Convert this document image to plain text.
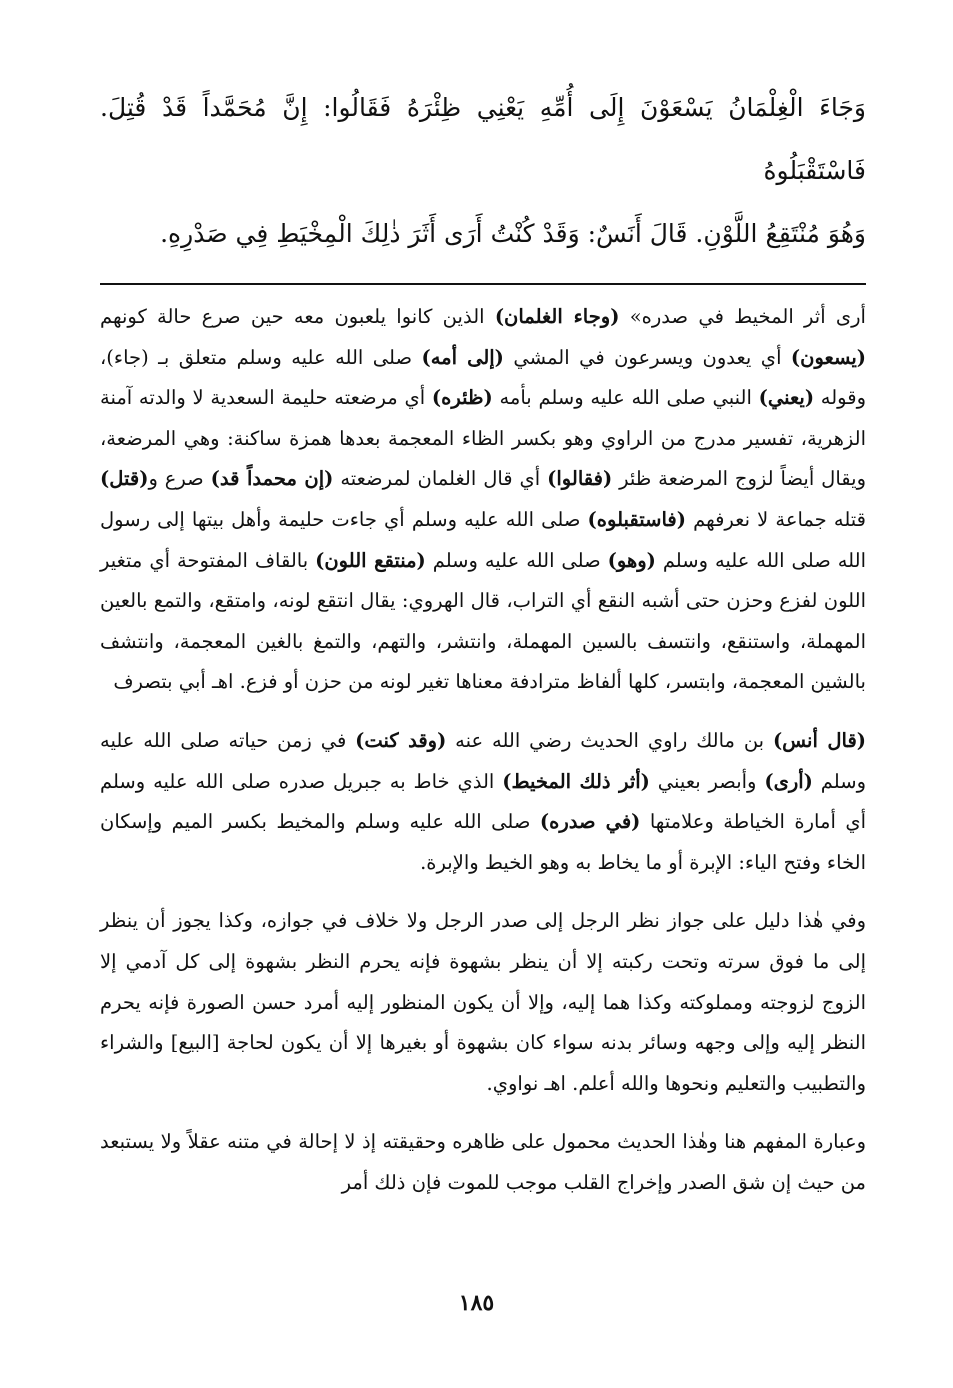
وَجَاءَ الْغِلْمَانُ يَسْعَوْنَ إِلَى أُمِّهِ يَعْنِي ظِئْرَهُ فَقَالُوا: إِنَّ مُحَمَّداً قَدْ قُتِلَ. فَاسْتَقْبَلُوهُ
وَهُوَ مُنْتَقِعُ اللَّوْنِ. قَالَ أَنَسٌ: وَقَدْ كُنْتُ أَرَى أَثَرَ ذٰلِكَ الْمِخْيَطِ فِي صَدْرِهِ.

أرى أثر المخيط في صدره» (وجاء الغلمان) الذين كانوا يلعبون معه حين صرع حالة كونهم (يسعون) أي يعدون ويسرعون في المشي (إلى أمه) صلى الله عليه وسلم متعلق بـ (جاء)، وقوله (يعني) النبي صلى الله عليه وسلم بأمه (ظئره) أي مرضعته حليمة السعدية لا والدته آمنة الزهرية، تفسير مدرج من الراوي وهو بكسر الظاء المعجمة بعدها همزة ساكنة: وهي المرضعة، ويقال أيضاً لزوج المرضعة ظئر (فقالوا) أي قال الغلمان لمرضعته (إن محمداً قد) صرع و(قتل) قتله جماعة لا نعرفهم (فاستقبلوه) صلى الله عليه وسلم أي جاءت حليمة وأهل بيتها إلى رسول الله صلى الله عليه وسلم (وهو) صلى الله عليه وسلم (منتقع اللون) بالقاف المفتوحة أي متغير اللون لفزع وحزن حتى أشبه النقع أي التراب، قال الهروي: يقال انتقع لونه، وامتقع، والتمع بالعين المهملة، واستنقع، وانتسف بالسين المهملة، وانتشر، والتهم، والتمغ بالغين المعجمة، وانتشف بالشين المعجمة، وابتسر، كلها ألفاظ مترادفة معناها تغير لونه من حزن أو فزع. اهـ أبي بتصرف

(قال أنس) بن مالك راوي الحديث رضي الله عنه (وقد كنت) في زمن حياته صلى الله عليه وسلم (أرى) وأبصر بعيني (أثر ذلك المخيط) الذي خاط به جبريل صدره صلى الله عليه وسلم أي أمارة الخياطة وعلامتها (في صدره) صلى الله عليه وسلم والمخيط بكسر الميم وإسكان الخاء وفتح الياء: الإبرة أو ما يخاط به وهو الخيط والإبرة.

وفي هٰذا دليل على جواز نظر الرجل إلى صدر الرجل ولا خلاف في جوازه، وكذا يجوز أن ينظر إلى ما فوق سرته وتحت ركبته إلا أن ينظر بشهوة فإنه يحرم النظر بشهوة إلى كل آدمي إلا الزوج لزوجته ومملوكته وكذا هما إليه، وإلا أن يكون المنظور إليه أمرد حسن الصورة فإنه يحرم النظر إليه وإلى وجهه وسائر بدنه سواء كان بشهوة أو بغيرها إلا أن يكون لحاجة [البيع] والشراء والتطبيب والتعليم ونحوها والله أعلم. اهـ نواوي.

وعبارة المفهم هنا وهٰذا الحديث محمول على ظاهره وحقيقته إذ لا إحالة في متنه عقلاً ولا يستبعد من حيث إن شق الصدر وإخراج القلب موجب للموت فإن ذلك أمر

١٨٥
